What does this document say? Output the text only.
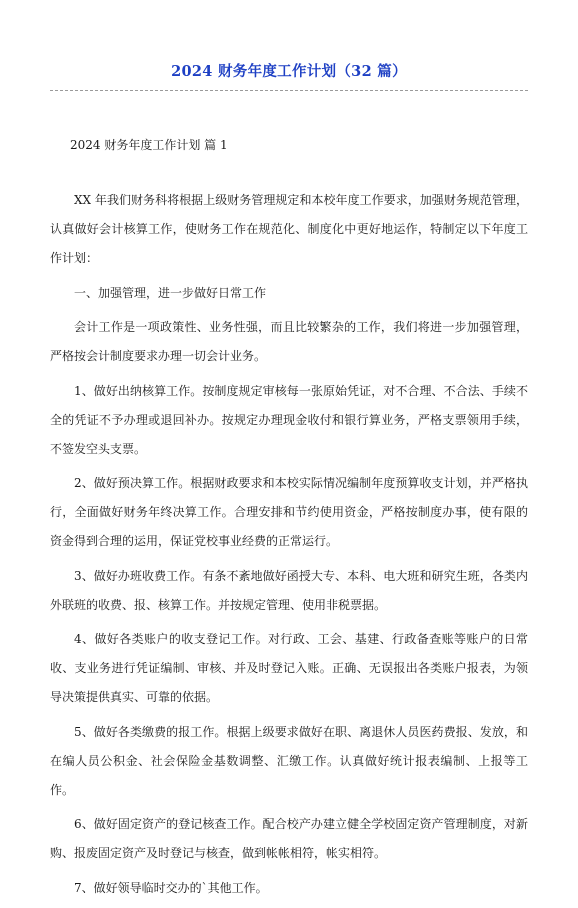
2024 财务年度工作计划（32 篇）
2024 财务年度工作计划 篇 1

XX 年我们财务科将根据上级财务管理规定和本校年度工作要求，加强财务规范管理，认真做好会计核算工作，使财务工作在规范化、制度化中更好地运作，特制定以下年度工作计划：

一、加强管理，进一步做好日常工作

会计工作是一项政策性、业务性强，而且比较繁杂的工作，我们将进一步加强管理，严格按会计制度要求办理一切会计业务。

1、做好出纳核算工作。按制度规定审核每一张原始凭证，对不合理、不合法、手续不全的凭证不予办理或退回补办。按规定办理现金收付和银行算业务，严格支票领用手续，不签发空头支票。

2、做好预决算工作。根据财政要求和本校实际情况编制年度预算收支计划，并严格执行，全面做好财务年终决算工作。合理安排和节约使用资金，严格按制度办事，使有限的资金得到合理的运用，保证党校事业经费的正常运行。

3、做好办班收费工作。有条不紊地做好函授大专、本科、电大班和研究生班，各类内外联班的收费、报、核算工作。并按规定管理、使用非税票据。

4、做好各类账户的收支登记工作。对行政、工会、基建、行政备查账等账户的日常收、支业务进行凭证编制、审核、并及时登记入账。正确、无误报出各类账户报表，为领导决策提供真实、可靠的依据。

5、做好各类缴费的报工作。根据上级要求做好在职、离退休人员医药费报、发放，和在编人员公积金、社会保险金基数调整、汇缴工作。认真做好统计报表编制、上报等工作。

6、做好固定资产的登记核查工作。配合校产办建立健全学校固定资产管理制度，对新购、报废固定资产及时登记与核查，做到帐帐相符，帐实相符。

7、做好领导临时交办的`其他工作。
